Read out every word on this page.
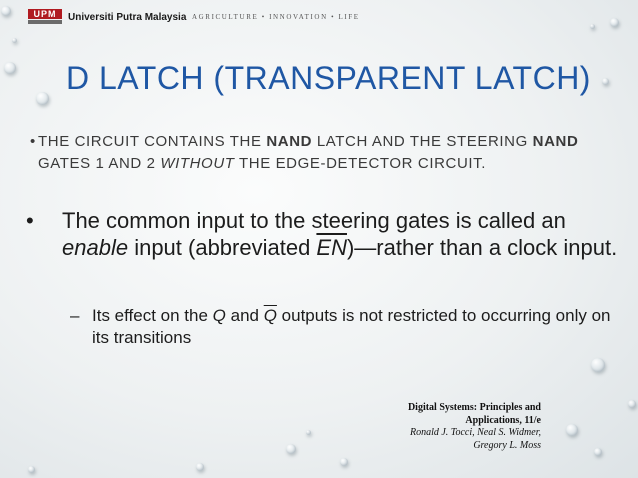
UPM	Universiti Putra Malaysia AGRICULTURE • INNOVATION • LIFE
D LATCH (TRANSPARENT LATCH)
• THE CIRCUIT CONTAINS THE NAND LATCH AND THE STEERING NAND GATES 1 AND 2 WITHOUT THE EDGE-DETECTOR CIRCUIT.
• The common input to the steering gates is called an enable input (abbreviated $\overline{EN})—rather$ than a clock input.
– Its effect on the Q and $\overline{Q}$ outputs is not restricted to occurring only on its transitions
Digital Systems: Principles and
Applications, 11/e
Ronald J. Tocci, Neal S. Widmer,
Gregory L. Moss
